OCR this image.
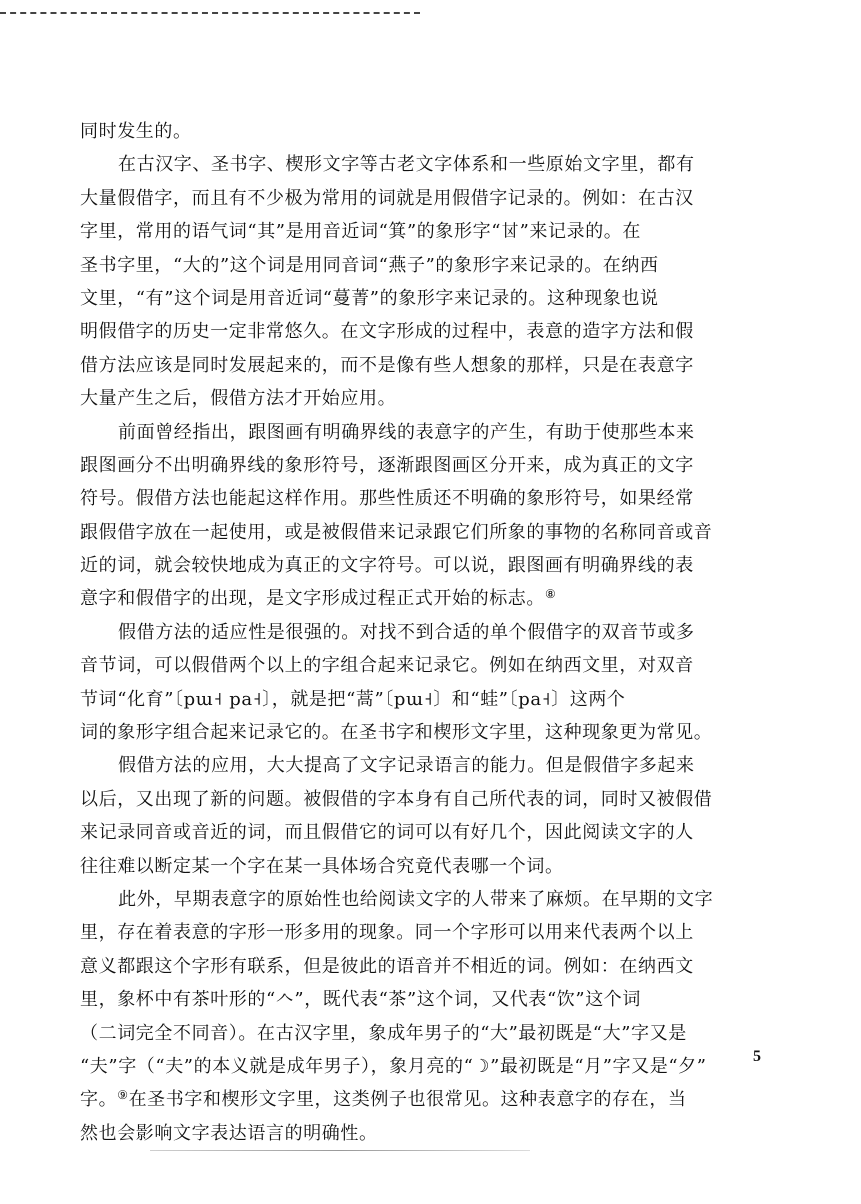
同时发生的。
在古汉字、圣书字、楔形文字等古老文字体系和一些原始文字里，都有
大量假借字，而且有不少极为常用的词就是用假借字记录的。例如：在古汉
字里，常用的语气词“其”是用音近词“箕”的象形字“𠀠”来记录的。在
圣书字里，“大的”这个词是用同音词“燕子”的象形字来记录的。在纳西
文里，“有”这个词是用音近词“蔓菁”的象形字来记录的。这种现象也说
明假借字的历史一定非常悠久。在文字形成的过程中，表意的造字方法和假
借方法应该是同时发展起来的，而不是像有些人想象的那样，只是在表意字
大量产生之后，假借方法才开始应用。
前面曾经指出，跟图画有明确界线的表意字的产生，有助于使那些本来
跟图画分不出明确界线的象形符号，逐渐跟图画区分开来，成为真正的文字
符号。假借方法也能起这样作用。那些性质还不明确的象形符号，如果经常
跟假借字放在一起使用，或是被假借来记录跟它们所象的事物的名称同音或音
近的词，就会较快地成为真正的文字符号。可以说，跟图画有明确界线的表
意字和假借字的出现，是文字形成过程正式开始的标志。⑧
假借方法的适应性是很强的。对找不到合适的单个假借字的双音节或多
音节词，可以假借两个以上的字组合起来记录它。例如在纳西文里，对双音
节词“化育”〔pɯ˧ pa˧〕，就是把“蒿”〔pɯ˧〕和“蛙”〔pa˧〕这两个
词的象形字组合起来记录它的。在圣书字和楔形文字里，这种现象更为常见。
假借方法的应用，大大提高了文字记录语言的能力。但是假借字多起来
以后，又出现了新的问题。被假借的字本身有自己所代表的词，同时又被假借
来记录同音或音近的词，而且假借它的词可以有好几个，因此阅读文字的人
往往难以断定某一个字在某一具体场合究竟代表哪一个词。
此外，早期表意字的原始性也给阅读文字的人带来了麻烦。在早期的文字
里，存在着表意的字形一形多用的现象。同一个字形可以用来代表两个以上
意义都跟这个字形有联系，但是彼此的语音并不相近的词。例如：在纳西文
里，象杯中有茶叶形的“𠆢”，既代表“茶”这个词，又代表“饮”这个词
（二词完全不同音）。在古汉字里，象成年男子的“大”最初既是“大”字又是
“夫”字（“夫”的本义就是成年男子），象月亮的“☽”最初既是“月”字又是“夕”
字。⑨在圣书字和楔形文字里，这类例子也很常见。这种表意字的存在，当
然也会影响文字表达语言的明确性。
5
